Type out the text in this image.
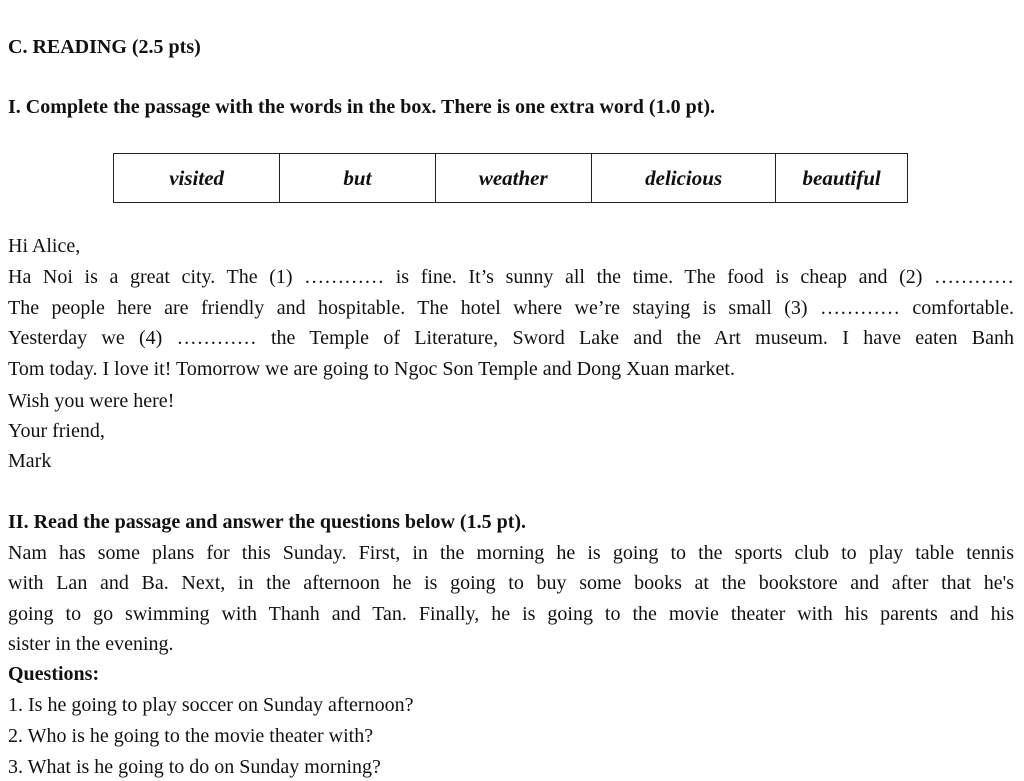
C. READING (2.5 pts)
I. Complete the passage with the words in the box. There is one extra word (1.0 pt).
visited	but	weather	delicious	beautiful
Hi Alice,
Ha Noi is a great city. The (1) ………… is fine. It’s sunny all the time. The food is cheap and (2) …………
The people here are friendly and hospitable. The hotel where we’re staying is small (3) ………… comfortable.
Yesterday we (4) ………… the Temple of Literature, Sword Lake and the Art museum. I have eaten Banh
Tom today. I love it! Tomorrow we are going to Ngoc Son Temple and Dong Xuan market.
Wish you were here!
Your friend,
Mark
II. Read the passage and answer the questions below (1.5 pt).
Nam has some plans for this Sunday. First, in the morning he is going to the sports club to play table tennis
with Lan and Ba. Next, in the afternoon he is going to buy some books at the bookstore and after that he's
going to go swimming with Thanh and Tan. Finally, he is going to the movie theater with his parents and his
sister in the evening.
Questions:
1. Is he going to play soccer on Sunday afternoon?
2. Who is he going to the movie theater with?
3. What is he going to do on Sunday morning?
